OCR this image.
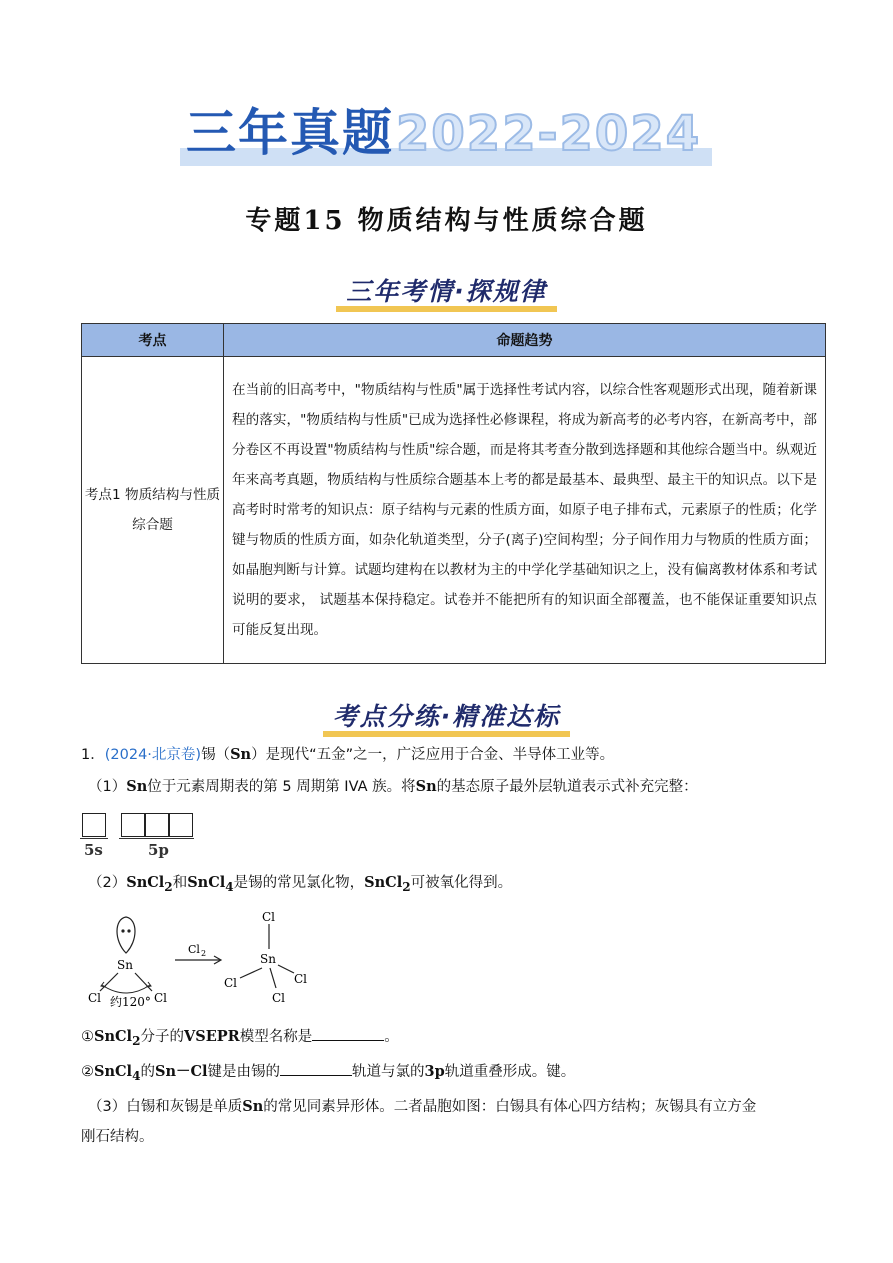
三年真题 2022-2024
专题15 物质结构与性质综合题
三年考情·探规律
考点	命题趋势
考点1 物质结构与性质综合题	在当前的旧高考中，"物质结构与性质"属于选择性考试内容，以综合性客观题形式出现，随着新课程的落实，"物质结构与性质"已成为选择性必修课程，将成为新高考的必考内容，在新高考中，部分卷区不再设置"物质结构与性质"综合题，而是将其考查分散到选择题和其他综合题当中。纵观近年来高考真题，物质结构与性质综合题基本上考的都是最基本、最典型、最主干的知识点。以下是高考时时常考的知识点：原子结构与元素的性质方面，如原子电子排布式，元素原子的性质；化学键与物质的性质方面，如杂化轨道类型，分子(离子)空间构型；分子间作用力与物质的性质方面；如晶胞判断与计算。试题均建构在以教材为主的中学化学基础知识之上，没有偏离教材体系和考试说明的要求， 试题基本保持稳定。试卷并不能把所有的知识面全部覆盖，也不能保证重要知识点可能反复出现。
考点分练·精准达标
1．(2024·北京卷)锡（Sn）是现代“五金”之一，广泛应用于合金、半导体工业等。
（1）Sn位于元素周期表的第 5 周期第 IVA 族。将Sn的基态原子最外层轨道表示式补充完整：
5s	5p
（2）SnCl$_2$和SnCl$_4$是锡的常见氯化物，SnCl$_2$可被氧化得到。
Sn
Cl	Cl
约120°
Cl 2
Cl
Sn
Cl	Cl
Cl
①SnCl$_2$分子的VSEPR模型名称是	。
②SnCl$_4$的Sn－Cl键是由锡的	轨道与氯的3p轨道重叠形成。键。
（3）白锡和灰锡是单质Sn的常见同素异形体。二者晶胞如图：白锡具有体心四方结构；灰锡具有立方金
刚石结构。
